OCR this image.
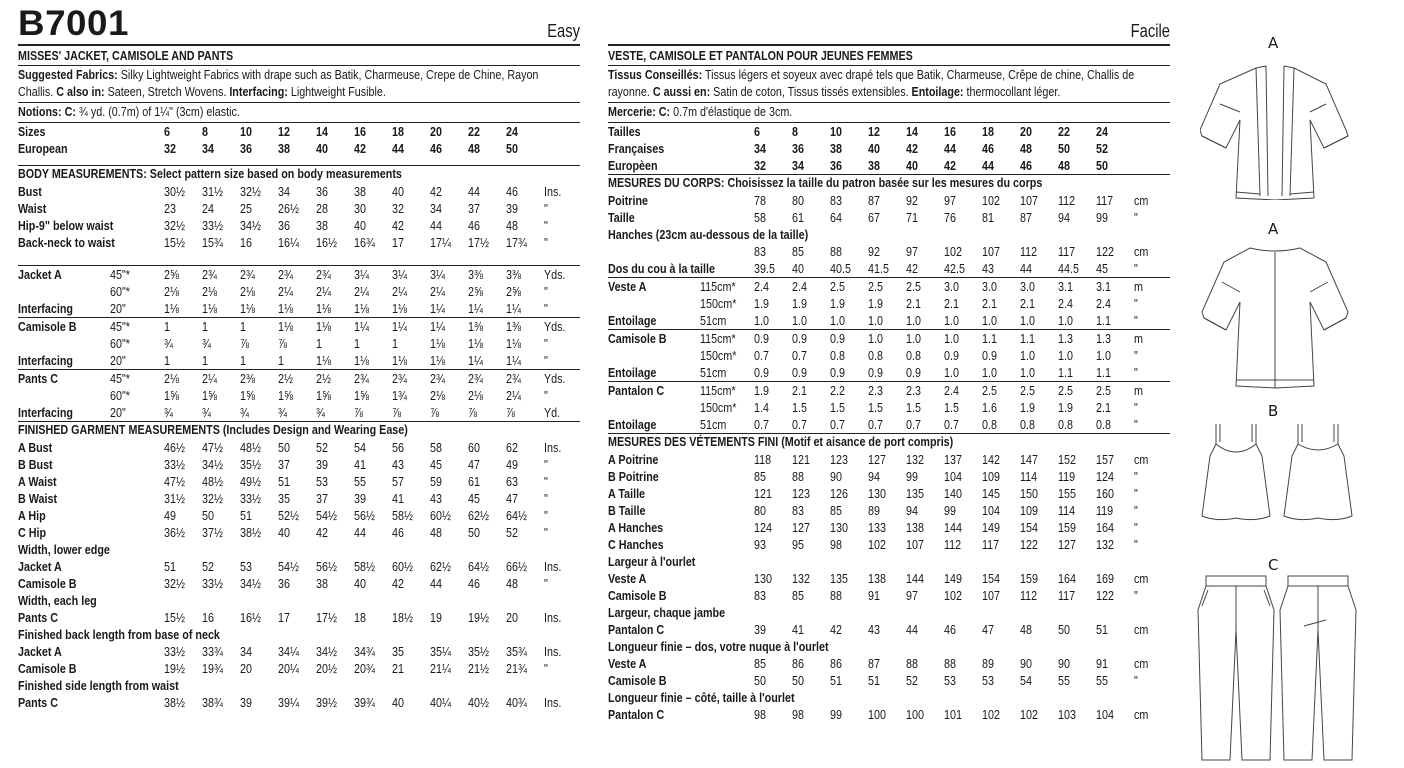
B7001	Easy
MISSES' JACKET, CAMISOLE AND PANTS
Suggested Fabrics: Silky Lightweight Fabrics with drape such as Batik, Charmeuse, Crepe de Chine, Rayon
Challis. C also in: Sateen, Stretch Wovens. Interfacing: Lightweight Fusible.
Notions: C: ¾ yd. (0.7m) of 1¼" (3cm) elastic.
Sizes	6	8	10	12	14	16	18	20	22	24	
European	32	34	36	38	40	42	44	46	48	50	
BODY MEASUREMENTS: Select pattern size based on body measurements
Bust	30½	31½	32½	34	36	38	40	42	44	46	Ins.
Waist	23	24	25	26½	28	30	32	34	37	39	"
Hip-9" below waist	32½	33½	34½	36	38	40	42	44	46	48	"
Back-neck to waist	15½	15¾	16	16¼	16½	16¾	17	17¼	17½	17¾	"
Jacket A	45"*	2⅝	2¾	2¾	2¾	2¾	3¼	3¼	3¼	3⅜	3⅜	Yds.
	60"*	2⅛	2⅛	2⅛	2¼	2¼	2¼	2¼	2¼	2⅝	2⅝	"
Interfacing	20"	1⅛	1⅛	1⅛	1⅛	1⅛	1⅛	1⅛	1¼	1¼	1¼	"
Camisole B	45"*	1	1	1	1⅛	1⅛	1¼	1¼	1¼	1⅜	1⅜	Yds.
	60"*	¾	¾	⅞	⅞	1	1	1	1⅛	1⅛	1⅛	"
Interfacing	20"	1	1	1	1	1⅛	1⅛	1⅛	1⅛	1¼	1¼	"
Pants C	45"*	2⅛	2¼	2⅜	2½	2½	2¾	2¾	2¾	2¾	2¾	Yds.
	60"*	1⅝	1⅝	1⅝	1⅝	1⅝	1⅝	1¾	2⅛	2⅛	2¼	"
Interfacing	20"	¾	¾	¾	¾	¾	⅞	⅞	⅞	⅞	⅞	Yd.
FINISHED GARMENT MEASUREMENTS (Includes Design and Wearing Ease)
A Bust	46½	47½	48½	50	52	54	56	58	60	62	Ins.
B Bust	33½	34½	35½	37	39	41	43	45	47	49	"
A Waist	47½	48½	49½	51	53	55	57	59	61	63	"
B Waist	31½	32½	33½	35	37	39	41	43	45	47	"
A Hip	49	50	51	52½	54½	56½	58½	60½	62½	64½	"
C Hip	36½	37½	38½	40	42	44	46	48	50	52	"
Width, lower edge											
Jacket A	51	52	53	54½	56½	58½	60½	62½	64½	66½	Ins.
Camisole B	32½	33½	34½	36	38	40	42	44	46	48	"
Width, each leg											
Pants C	15½	16	16½	17	17½	18	18½	19	19½	20	Ins.
Finished back length from base of neck											
Jacket A	33½	33¾	34	34¼	34½	34¾	35	35¼	35½	35¾	Ins.
Camisole B	19½	19¾	20	20¼	20½	20¾	21	21¼	21½	21¾	"
Finished side length from waist											
Pants C	38½	38¾	39	39¼	39½	39¾	40	40¼	40½	40¾	Ins.
Facile
VESTE, CAMISOLE ET PANTALON POUR JEUNES FEMMES
Tissus Conseillés: Tissus légers et soyeux avec drapé tels que Batik, Charmeuse, Crêpe de chine, Challis de
rayonne. C aussi en: Satin de coton, Tissus tissés extensibles. Entoilage: thermocollant léger.
Mercerie: C: 0.7m d'élastique de 3cm.
Tailles	6	8	10	12	14	16	18	20	22	24	
Françaises	34	36	38	40	42	44	46	48	50	52	
Europèen	32	34	36	38	40	42	44	46	48	50	
MESURES DU CORPS: Choisissez la taille du patron basée sur les mesures du corps
Poitrine	78	80	83	87	92	97	102	107	112	117	cm
Taille	58	61	64	67	71	76	81	87	94	99	"
Hanches (23cm au-dessous de la taille)											
	83	85	88	92	97	102	107	112	117	122	cm
Dos du cou à la taille	39.5	40	40.5	41.5	42	42.5	43	44	44.5	45	"
Veste A	115cm*	2.4	2.4	2.5	2.5	2.5	3.0	3.0	3.0	3.1	3.1	m
	150cm*	1.9	1.9	1.9	1.9	2.1	2.1	2.1	2.1	2.4	2.4	"
Entoilage	51cm	1.0	1.0	1.0	1.0	1.0	1.0	1.0	1.0	1.0	1.1	"
Camisole B	115cm*	0.9	0.9	0.9	1.0	1.0	1.0	1.1	1.1	1.3	1.3	m
	150cm*	0.7	0.7	0.8	0.8	0.8	0.9	0.9	1.0	1.0	1.0	"
Entoilage	51cm	0.9	0.9	0.9	0.9	0.9	1.0	1.0	1.0	1.1	1.1	"
Pantalon C	115cm*	1.9	2.1	2.2	2.3	2.3	2.4	2.5	2.5	2.5	2.5	m
	150cm*	1.4	1.5	1.5	1.5	1.5	1.5	1.6	1.9	1.9	2.1	"
Entoilage	51cm	0.7	0.7	0.7	0.7	0.7	0.7	0.8	0.8	0.8	0.8	"
MESURES DES VÉTEMENTS FINI (Motif et aisance de port compris)
A Poitrine	118	121	123	127	132	137	142	147	152	157	cm
B Poitrine	85	88	90	94	99	104	109	114	119	124	"
A Taille	121	123	126	130	135	140	145	150	155	160	"
B Taille	80	83	85	89	94	99	104	109	114	119	"
A Hanches	124	127	130	133	138	144	149	154	159	164	"
C Hanches	93	95	98	102	107	112	117	122	127	132	"
Largeur à l'ourlet											
Veste A	130	132	135	138	144	149	154	159	164	169	cm
Camisole B	83	85	88	91	97	102	107	112	117	122	"
Largeur, chaque jambe											
Pantalon C	39	41	42	43	44	46	47	48	50	51	cm
Longueur finie – dos, votre nuque à l'ourlet											
Veste A	85	86	86	87	88	88	89	90	90	91	cm
Camisole B	50	50	51	51	52	53	53	54	55	55	"
Longueur finie – côté, taille à l'ourlet											
Pantalon C	98	98	99	100	100	101	102	102	103	104	cm
A
A
B
C
